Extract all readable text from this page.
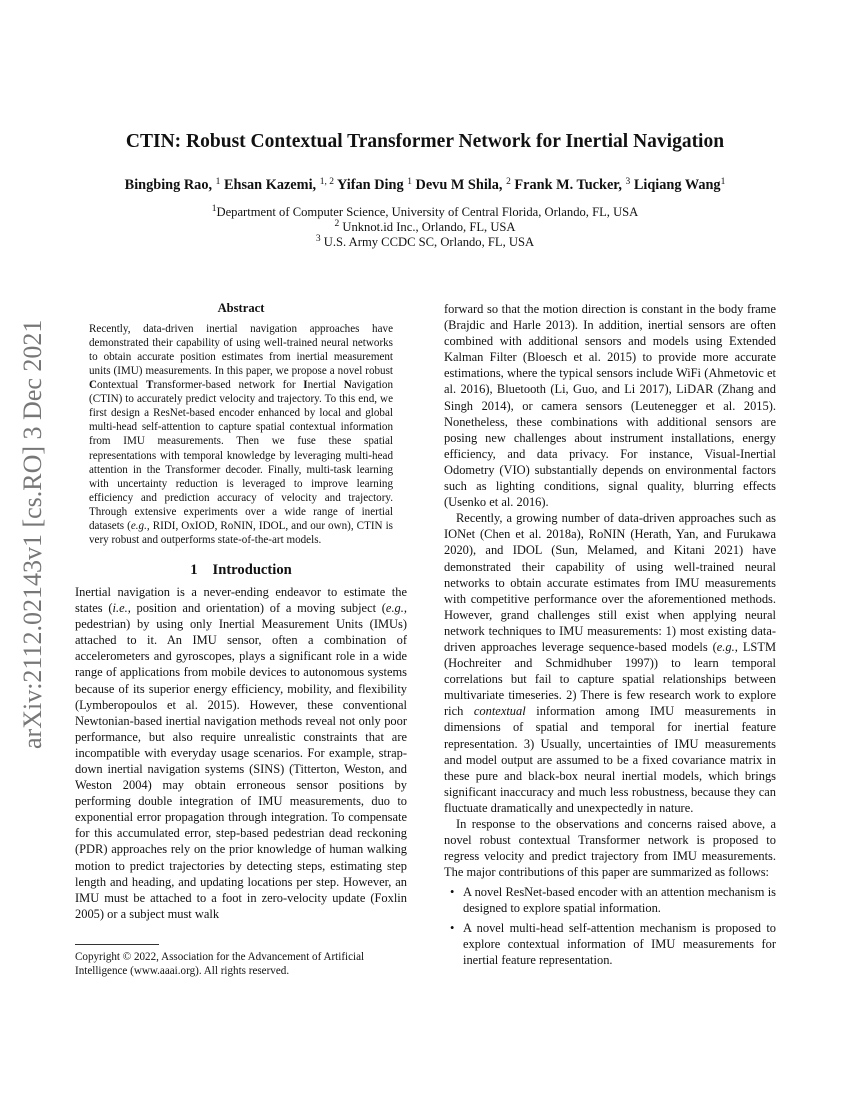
arXiv:2112.02143v1 [cs.RO] 3 Dec 2021
CTIN: Robust Contextual Transformer Network for Inertial Navigation
Bingbing Rao, $^1$ Ehsan Kazemi, $^{1, 2}$ Yifan Ding $^1$ Devu M Shila, $^2$ Frank M. Tucker, $^3$ Liqiang Wang$^1$
$^1$Department of Computer Science, University of Central Florida, Orlando, FL, USA
$^2$ Unknot.id Inc., Orlando, FL, USA
$^3$ U.S. Army CCDC SC, Orlando, FL, USA
Abstract
Recently, data-driven inertial navigation approaches have demonstrated their capability of using well-trained neural networks to obtain accurate position estimates from inertial measurement units (IMU) measurements. In this paper, we propose a novel robust Contextual Transformer-based network for Inertial Navigation (CTIN) to accurately predict velocity and trajectory. To this end, we first design a ResNet-based encoder enhanced by local and global multi-head self-attention to capture spatial contextual information from IMU measurements. Then we fuse these spatial representations with temporal knowledge by leveraging multi-head attention in the Transformer decoder. Finally, multi-task learning with uncertainty reduction is leveraged to improve learning efficiency and prediction accuracy of velocity and trajectory. Through extensive experiments over a wide range of inertial datasets (e.g., RIDI, OxIOD, RoNIN, IDOL, and our own), CTIN is very robust and outperforms state-of-the-art models.
1 Introduction

Inertial navigation is a never-ending endeavor to estimate the states (i.e., position and orientation) of a moving subject (e.g., pedestrian) by using only Inertial Measurement Units (IMUs) attached to it. An IMU sensor, often a combination of accelerometers and gyroscopes, plays a significant role in a wide range of applications from mobile devices to autonomous systems because of its superior energy efficiency, mobility, and flexibility (Lymberopoulos et al. 2015). However, these conventional Newtonian-based inertial navigation methods reveal not only poor performance, but also require unrealistic constraints that are incompatible with everyday usage scenarios. For example, strap-down inertial navigation systems (SINS) (Titterton, Weston, and Weston 2004) may obtain erroneous sensor positions by performing double integration of IMU measurements, duo to exponential error propagation through integration. To compensate for this accumulated error, step-based pedestrian dead reckoning (PDR) approaches rely on the prior knowledge of human walking motion to predict trajectories by detecting steps, estimating step length and heading, and updating locations per step. However, an IMU must be attached to a foot in zero-velocity update (Foxlin 2005) or a subject must walk

Copyright © 2022, Association for the Advancement of Artificial Intelligence (www.aaai.org). All rights reserved.

forward so that the motion direction is constant in the body frame (Brajdic and Harle 2013). In addition, inertial sensors are often combined with additional sensors and models using Extended Kalman Filter (Bloesch et al. 2015) to provide more accurate estimations, where the typical sensors include WiFi (Ahmetovic et al. 2016), Bluetooth (Li, Guo, and Li 2017), LiDAR (Zhang and Singh 2014), or camera sensors (Leutenegger et al. 2015). Nonetheless, these combinations with additional sensors are posing new challenges about instrument installations, energy efficiency, and data privacy. For instance, Visual-Inertial Odometry (VIO) substantially depends on environmental factors such as lighting conditions, signal quality, blurring effects (Usenko et al. 2016).

Recently, a growing number of data-driven approaches such as IONet (Chen et al. 2018a), RoNIN (Herath, Yan, and Furukawa 2020), and IDOL (Sun, Melamed, and Kitani 2021) have demonstrated their capability of using well-trained neural networks to obtain accurate estimates from IMU measurements with competitive performance over the aforementioned methods. However, grand challenges still exist when applying neural network techniques to IMU measurements: 1) most existing data-driven approaches leverage sequence-based models (e.g., LSTM (Hochreiter and Schmidhuber 1997)) to learn temporal correlations but fail to capture spatial relationships between multivariate timeseries. 2) There is few research work to explore rich contextual information among IMU measurements in dimensions of spatial and temporal for inertial feature representation. 3) Usually, uncertainties of IMU measurements and model output are assumed to be a fixed covariance matrix in these pure and black-box neural inertial models, which brings significant inaccuracy and much less robustness, because they can fluctuate dramatically and unexpectedly in nature.

In response to the observations and concerns raised above, a novel robust contextual Transformer network is proposed to regress velocity and predict trajectory from IMU measurements. The major contributions of this paper are summarized as follows:

• A novel ResNet-based encoder with an attention mechanism is designed to explore spatial information.
• A novel multi-head self-attention mechanism is proposed to explore contextual information of IMU measurements for inertial feature representation.
